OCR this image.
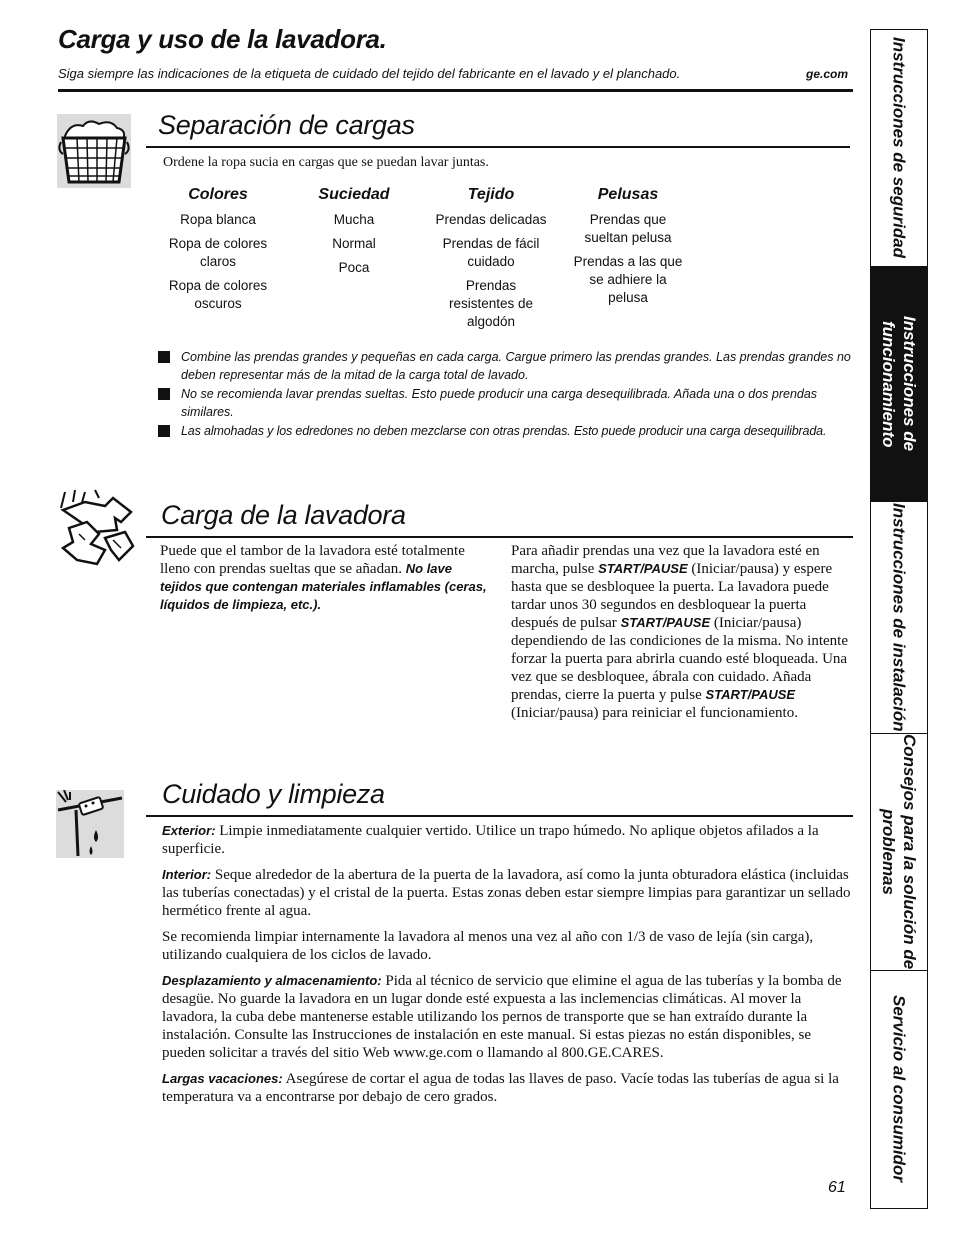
Carga y uso de la lavadora.
Siga siempre las indicaciones de la etiqueta de cuidado del tejido del fabricante en el lavado y el planchado.	ge.com
Separación de cargas
Ordene la ropa sucia en cargas que se puedan lavar juntas.
Colores
Ropa blanca
Ropa de colores claros
Ropa de colores oscuros
Suciedad
Mucha
Normal
Poca
Tejido
Prendas delicadas
Prendas de fácil cuidado
Prendas resistentes de algodón
Pelusas
Prendas que sueltan pelusa
Prendas a las que se adhiere la pelusa
Combine las prendas grandes y pequeñas en cada carga. Cargue primero las prendas grandes. Las prendas grandes no deben representar más de la mitad de la carga total de lavado.
No se recomienda lavar prendas sueltas. Esto puede producir una carga desequilibrada. Añada una o dos prendas similares.
Las almohadas y los edredones no deben mezclarse con otras prendas. Esto puede producir una carga desequilibrada.
Carga de la lavadora
Puede que el tambor de la lavadora esté totalmente lleno con prendas sueltas que se añadan. No lave tejidos que contengan materiales inflamables (ceras, líquidos de limpieza, etc.).
Para añadir prendas una vez que la lavadora esté en marcha, pulse START/PAUSE (Iniciar/pausa) y espere hasta que se desbloquee la puerta. La lavadora puede tardar unos 30 segundos en desbloquear la puerta después de pulsar START/PAUSE (Iniciar/pausa) dependiendo de las condiciones de la misma. No intente forzar la puerta para abrirla cuando esté bloqueada. Una vez que se desbloquee, ábrala con cuidado. Añada prendas, cierre la puerta y pulse START/PAUSE (Iniciar/pausa) para reiniciar el funcionamiento.
Cuidado y limpieza

Exterior: Limpie inmediatamente cualquier vertido. Utilice un trapo húmedo. No aplique objetos afilados a la superficie.

Interior: Seque alrededor de la abertura de la puerta de la lavadora, así como la junta obturadora elástica (incluidas las tuberías conectadas) y el cristal de la puerta. Estas zonas deben estar siempre limpias para garantizar un sellado hermético frente al agua.

Se recomienda limpiar internamente la lavadora al menos una vez al año con 1/3 de vaso de lejía (sin carga), utilizando cualquiera de los ciclos de lavado.

Desplazamiento y almacenamiento: Pida al técnico de servicio que elimine el agua de las tuberías y la bomba de desagüe. No guarde la lavadora en un lugar donde esté expuesta a las inclemencias climáticas. Al mover la lavadora, la cuba debe mantenerse estable utilizando los pernos de transporte que se han extraído durante la instalación. Consulte las Instrucciones de instalación en este manual. Si estas piezas no están disponibles, se pueden solicitar a través del sitio Web www.ge.com o llamando al 800.GE.CARES.

Largas vacaciones: Asegúrese de cortar el agua de todas las llaves de paso. Vacíe todas las tuberías de agua si la temperatura va a encontrarse por debajo de cero grados.

Instrucciones de seguridad
Instrucciones de funcionamiento
Instrucciones de instalación
Consejos para la solución de problemas
Servicio al consumidor
61
